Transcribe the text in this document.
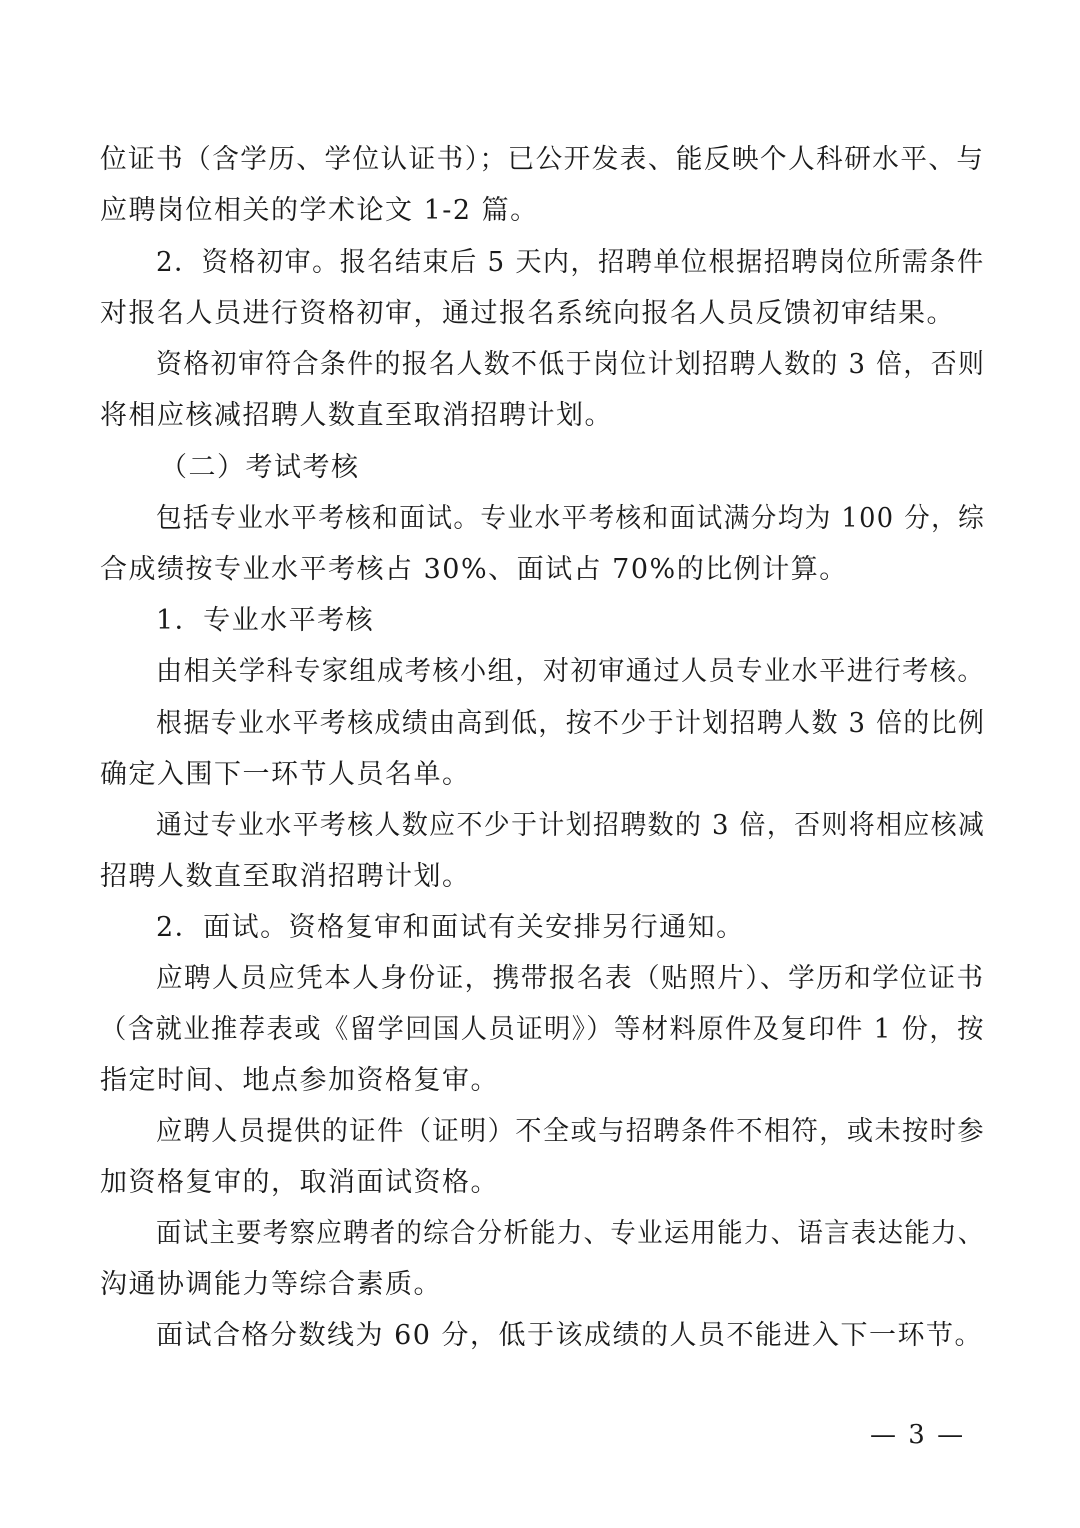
位证书（含学历、学位认证书）；已公开发表、能反映个人科研水平、与
应聘岗位相关的学术论文 1-2 篇。
2．资格初审。报名结束后 5 天内，招聘单位根据招聘岗位所需条件
对报名人员进行资格初审，通过报名系统向报名人员反馈初审结果。
资格初审符合条件的报名人数不低于岗位计划招聘人数的 3 倍，否则
将相应核减招聘人数直至取消招聘计划。
（二）考试考核
包括专业水平考核和面试。专业水平考核和面试满分均为 100 分，综
合成绩按专业水平考核占 30%、面试占 70%的比例计算。
1．专业水平考核
由相关学科专家组成考核小组，对初审通过人员专业水平进行考核。
根据专业水平考核成绩由高到低，按不少于计划招聘人数 3 倍的比例
确定入围下一环节人员名单。
通过专业水平考核人数应不少于计划招聘数的 3 倍，否则将相应核减
招聘人数直至取消招聘计划。
2．面试。资格复审和面试有关安排另行通知。
应聘人员应凭本人身份证，携带报名表（贴照片）、学历和学位证书
（含就业推荐表或《留学回国人员证明》）等材料原件及复印件 1 份，按
指定时间、地点参加资格复审。
应聘人员提供的证件（证明）不全或与招聘条件不相符，或未按时参
加资格复审的，取消面试资格。
面试主要考察应聘者的综合分析能力、专业运用能力、语言表达能力、
沟通协调能力等综合素质。
面试合格分数线为 60 分，低于该成绩的人员不能进入下一环节。
— 3 —
